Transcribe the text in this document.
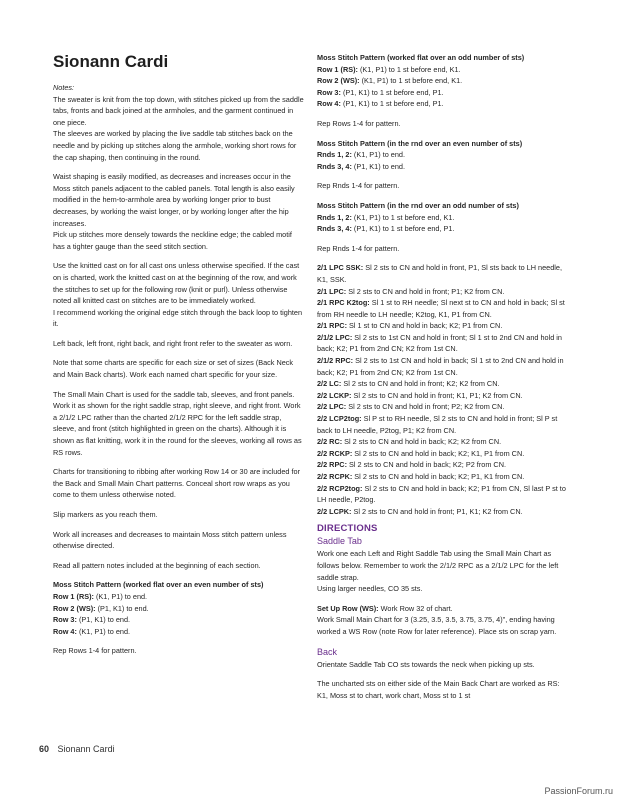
Sionann Cardi

Notes:

The sweater is knit from the top down, with stitches picked up from the saddle tabs, fronts and back joined at the armholes, and the garment continued in one piece.
The sleeves are worked by placing the live saddle tab stitches back on the needle and by picking up stitches along the armhole, working short rows for the cap shaping, then continuing in the round.

Waist shaping is easily modified, as decreases and increases occur in the Moss stitch panels adjacent to the cabled panels. Total length is also easily modified in the hem-to-armhole area by working longer prior to bust decreases, by working the waist longer, or by working longer after the hip increases.
Pick up stitches more densely towards the neckline edge; the cabled motif has a tighter gauge than the seed stitch section.

Use the knitted cast on for all cast ons unless otherwise specified. If the cast on is charted, work the knitted cast on at the beginning of the row, and work the stitches to set up for the following row (knit or purl). Unless otherwise noted all knitted cast on stitches are to be immediately worked.
I recommend working the original edge stitch through the back loop to tighten it.

Left back, left front, right back, and right front refer to the sweater as worn.

Note that some charts are specific for each size or set of sizes (Back Neck and Main Back charts). Work each named chart specific for your size.

The Small Main Chart is used for the saddle tab, sleeves, and front panels. Work it as shown for the right saddle strap, right sleeve, and right front. Work a 2/1/2 LPC rather than the charted 2/1/2 RPC for the left saddle strap, sleeve, and front (stitch highlighted in green on the charts). Although it is shown as flat knitting, work it in the round for the sleeves, working all rows as RS rows.

Charts for transitioning to ribbing after working Row 14 or 30 are included for the Back and Small Main Chart patterns. Conceal short row wraps as you come to them unless otherwise noted.

Slip markers as you reach them.

Work all increases and decreases to maintain Moss stitch pattern unless otherwise directed.

Read all pattern notes included at the beginning of each section.

Moss Stitch Pattern (worked flat over an even number of sts)
Row 1 (RS): (K1, P1) to end.
Row 2 (WS): (P1, K1) to end.
Row 3: (P1, K1) to end.
Row 4: (K1, P1) to end.
Rep Rows 1-4 for pattern.
Moss Stitch Pattern (worked flat over an odd number of sts)
Row 1 (RS): (K1, P1) to 1 st before end, K1.
Row 2 (WS): (K1, P1) to 1 st before end, K1.
Row 3: (P1, K1) to 1 st before end, P1.
Row 4: (P1, K1) to 1 st before end, P1.
Rep Rows 1-4 for pattern.
Moss Stitch Pattern (in the rnd over an even number of sts)
Rnds 1, 2: (K1, P1) to end.
Rnds 3, 4: (P1, K1) to end.
Rep Rnds 1-4 for pattern.
Moss Stitch Pattern (in the rnd over an odd number of sts)
Rnds 1, 2: (K1, P1) to 1 st before end, K1.
Rnds 3, 4: (P1, K1) to 1 st before end, P1.
Rep Rnds 1-4 for pattern.
2/1 LPC SSK: Sl 2 sts to CN and hold in front, P1, Sl sts back to LH needle, K1, SSK.
2/1 LPC: Sl 2 sts to CN and hold in front; P1; K2 from CN.
2/1 RPC K2tog: Sl 1 st to RH needle; Sl next st to CN and hold in back; Sl st from RH needle to LH needle; K2tog, K1, P1 from CN.
2/1 RPC: Sl 1 st to CN and hold in back; K2; P1 from CN.
2/1/2 LPC: Sl 2 sts to 1st CN and hold in front; Sl 1 st to 2nd CN and hold in back; K2; P1 from 2nd CN; K2 from 1st CN.
2/1/2 RPC: Sl 2 sts to 1st CN and hold in back; Sl 1 st to 2nd CN and hold in back; K2; P1 from 2nd CN; K2 from 1st CN.
2/2 LC: Sl 2 sts to CN and hold in front; K2; K2 from CN.
2/2 LCKP: Sl 2 sts to CN and hold in front; K1, P1; K2 from CN.
2/2 LPC: Sl 2 sts to CN and hold in front; P2; K2 from CN.
2/2 LCP2tog: Sl P st to RH needle, Sl 2 sts to CN and hold in front; Sl P st back to LH needle, P2tog, P1; K2 from CN.
2/2 RC: Sl 2 sts to CN and hold in back; K2; K2 from CN.
2/2 RCKP: Sl 2 sts to CN and hold in back; K2; K1, P1 from CN.
2/2 RPC: Sl 2 sts to CN and hold in back; K2; P2 from CN.
2/2 RCPK: Sl 2 sts to CN and hold in back; K2; P1, K1 from CN.
2/2 RCP2tog: Sl 2 sts to CN and hold in back; K2; P1 from CN, Sl last P st to LH needle, P2tog.
2/2 LCPK: Sl 2 sts to CN and hold in front; P1, K1; K2 from CN.
DIRECTIONS
Saddle Tab

Work one each Left and Right Saddle Tab using the Small Main Chart as follows below. Remember to work the 2/1/2 RPC as a 2/1/2 LPC for the left saddle strap.
Using larger needles, CO 35 sts.

Set Up Row (WS): Work Row 32 of chart.

Work Small Main Chart for 3 (3.25, 3.5, 3.5, 3.75, 3.75, 4)", ending having worked a WS Row (note Row for later reference). Place sts on scrap yarn.

Back

Orientate Saddle Tab CO sts towards the neck when picking up sts.

The uncharted sts on either side of the Main Back Chart are worked as RS: K1, Moss st to chart, work chart, Moss st to 1 st

60 Sionann Cardi
PassionForum.ru
